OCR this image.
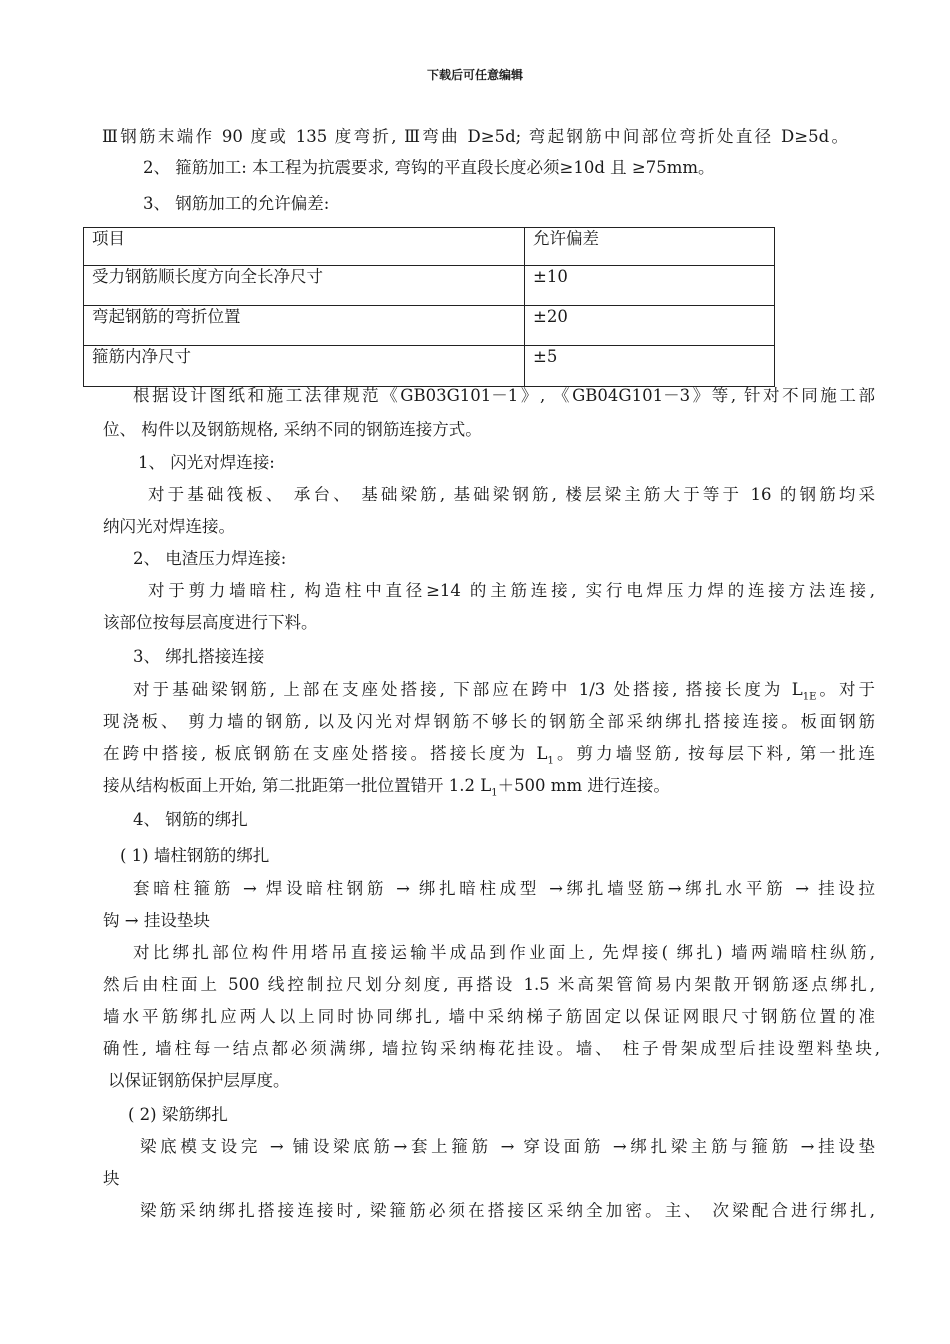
下载后可任意编辑
Ⅲ钢筋末端作 90 度或 135 度弯折, Ⅲ弯曲 D≥5d; 弯起钢筋中间部位弯折处直径 D≥5d。
2、 箍筋加工: 本工程为抗震要求, 弯钩的平直段长度必须≥10d 且 ≥75mm。
3、 钢筋加工的允许偏差:
项目	允许偏差
受力钢筋顺长度方向全长净尺寸	±10
弯起钢筋的弯折位置	±20
箍筋内净尺寸	±5
根据设计图纸和施工法律规范《GB03G101－1》, 《GB04G101－3》等, 针对不同施工部
位、 构件以及钢筋规格, 采纳不同的钢筋连接方式。
1、 闪光对焊连接:
对于基础筏板、 承台、 基础梁筋, 基础梁钢筋, 楼层梁主筋大于等于 16 的钢筋均采
纳闪光对焊连接。
2、 电渣压力焊连接:
对于剪力墙暗柱, 构造柱中直径≥14 的主筋连接, 实行电焊压力焊的连接方法连接,
该部位按每层高度进行下料。
3、 绑扎搭接连接
对于基础梁钢筋, 上部在支座处搭接, 下部应在跨中 1/3 处搭接, 搭接长度为 $L_{1E}$。对于
现浇板、 剪力墙的钢筋, 以及闪光对焊钢筋不够长的钢筋全部采纳绑扎搭接连接。板面钢筋
在跨中搭接, 板底钢筋在支座处搭接。搭接长度为 $L_1$。剪力墙竖筋, 按每层下料, 第一批连
接从结构板面上开始, 第二批距第一批位置错开 1.2 $L_1+500$ mm 进行连接。
4、 钢筋的绑扎
( 1) 墙柱钢筋的绑扎
套暗柱箍筋 → 焊设暗柱钢筋 → 绑扎暗柱成型 →绑扎墙竖筋→绑扎水平筋 → 挂设拉
钩 → 挂设垫块
对比绑扎部位构件用塔吊直接运输半成品到作业面上, 先焊接( 绑扎) 墙两端暗柱纵筋,
然后由柱面上 500 线控制拉尺划分刻度, 再搭设 1.5 米高架管简易内架散开钢筋逐点绑扎,
墙水平筋绑扎应两人以上同时协同绑扎, 墙中采纳梯子筋固定以保证网眼尺寸钢筋位置的准
确性, 墙柱每一结点都必须满绑, 墙拉钩采纳梅花挂设。墙、 柱子骨架成型后挂设塑料垫块,
以保证钢筋保护层厚度。
( 2) 梁筋绑扎
梁底模支设完 → 铺设梁底筋→套上箍筋 → 穿设面筋 →绑扎梁主筋与箍筋 →挂设垫
块
梁筋采纳绑扎搭接连接时, 梁箍筋必须在搭接区采纳全加密。主、 次梁配合进行绑扎,
